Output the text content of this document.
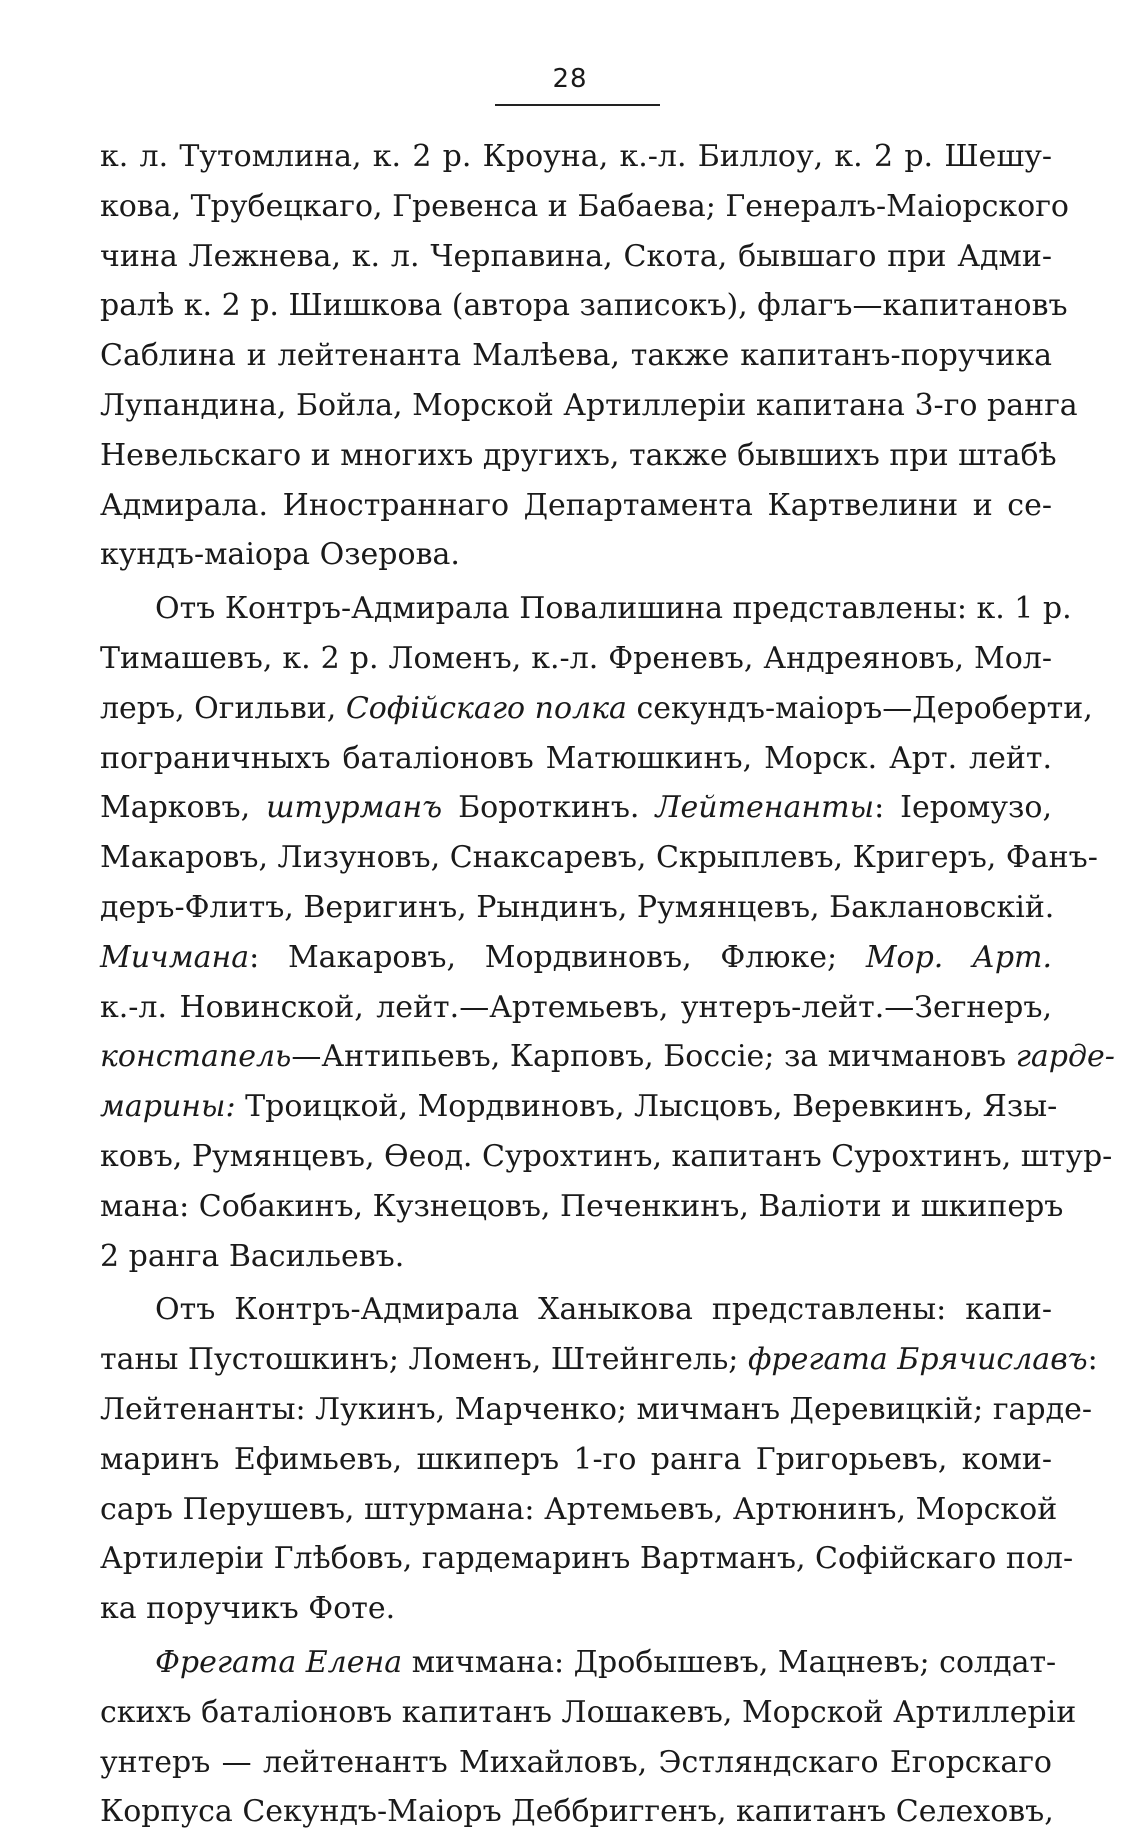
28
к. л. Тутомлина, к. 2 р. Кроуна, к.-л. Биллоу, к. 2 р. Шешу-
кова, Трубецкаго, Гревенса и Бабаева; Генералъ-Маіорского
чина Лежнева, к. л. Черпавина, Скота, бывшаго при Адми-
ралѣ к. 2 р. Шишкова (автора записокъ), флагъ—капитановъ
Саблина и лейтенанта Малѣева, также капитанъ-поручика
Лупандина, Бойла, Морской Артиллеріи капитана 3-го ранга
Невельскаго и многихъ другихъ, также бывшихъ при штабѣ
Адмирала. Иностраннаго Департамента Картвелини и се-
кундъ-маіора Озерова.
Отъ Контръ-Адмирала Повалишина представлены: к. 1 р.
Тимашевъ, к. 2 р. Ломенъ, к.-л. Френевъ, Андреяновъ, Мол-
леръ, Огильви, Софійскаго полка секундъ-маіоръ—Дероберти,
пограничныхъ баталіоновъ Матюшкинъ, Морск. Арт. лейт.
Марковъ, штурманъ Бороткинъ. Лейтенанты: Іеромузо,
Макаровъ, Лизуновъ, Снаксаревъ, Скрыплевъ, Кригеръ, Фанъ-
деръ-Флитъ, Веригинъ, Рындинъ, Румянцевъ, Баклановскій.
Мичмана: Макаровъ, Мордвиновъ, Флюке; Мор. Арт.
к.-л. Новинской, лейт.—Артемьевъ, унтеръ-лейт.—Зегнеръ,
констапель—Антипьевъ, Карповъ, Боссіе; за мичмановъ гарде-
марины: Троицкой, Мордвиновъ, Лысцовъ, Веревкинъ, Язы-
ковъ, Румянцевъ, Ѳеод. Сурохтинъ, капитанъ Сурохтинъ, штур-
мана: Собакинъ, Кузнецовъ, Печенкинъ, Валіоти и шкиперъ
2 ранга Васильевъ.
Отъ Контръ-Адмирала Ханыкова представлены: капи-
таны Пустошкинъ; Ломенъ, Штейнгель; фрегата Брячиславъ:
Лейтенанты: Лукинъ, Марченко; мичманъ Деревицкій; гарде-
маринъ Ефимьевъ, шкиперъ 1-го ранга Григорьевъ, коми-
саръ Перушевъ, штурмана: Артемьевъ, Артюнинъ, Морской
Артилеріи Глѣбовъ, гардемаринъ Вартманъ, Софійскаго пол-
ка поручикъ Фоте.
Фрегата Елена мичмана: Дробышевъ, Мацневъ; солдат-
скихъ баталіоновъ капитанъ Лошакевъ, Морской Артиллеріи
унтеръ — лейтенантъ Михайловъ, Эстляндскаго Егорскаго
Корпуса Секундъ-Маіоръ Деббриггенъ, капитанъ Селеховъ,
